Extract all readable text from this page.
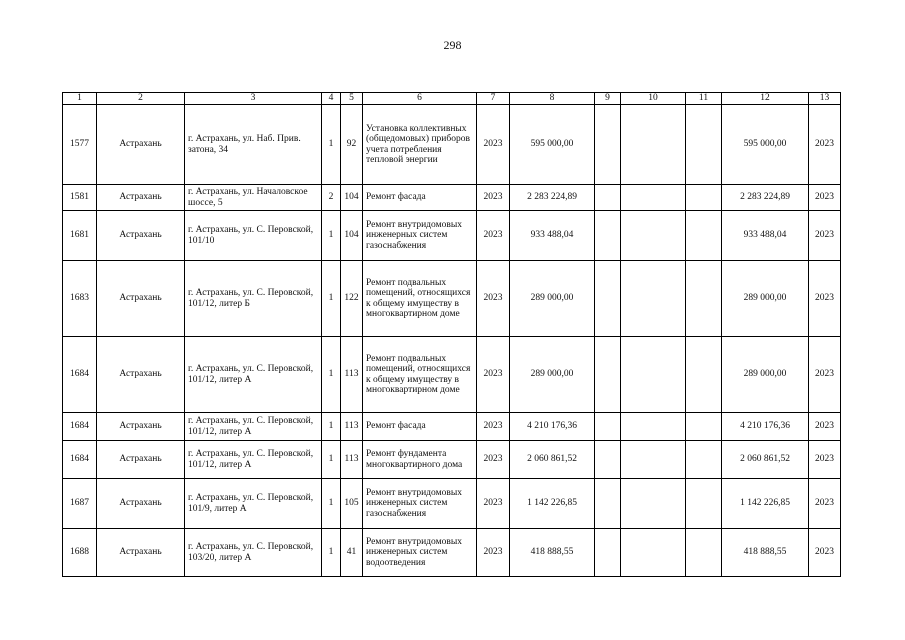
298
1	2	3	4	5	6	7	8	9	10	11	12	13
1577	Астрахань	г. Астрахань, ул. Наб. Прив. затона, 34	1	92	Установка коллективных (общедомовых) приборов учета потребления тепловой энергии	2023	595 000,00				595 000,00	2023
1581	Астрахань	г. Астрахань, ул. Началовское шоссе, 5	2	104	Ремонт фасада	2023	2 283 224,89				2 283 224,89	2023
1681	Астрахань	г. Астрахань, ул. С. Перовской, 101/10	1	104	Ремонт внутридомовых инженерных систем газоснабжения	2023	933 488,04				933 488,04	2023
1683	Астрахань	г. Астрахань, ул. С. Перовской, 101/12, литер Б	1	122	Ремонт подвальных помещений, относящихся к общему имуществу в многоквартирном доме	2023	289 000,00				289 000,00	2023
1684	Астрахань	г. Астрахань, ул. С. Перовской, 101/12, литер А	1	113	Ремонт подвальных помещений, относящихся к общему имуществу в многоквартирном доме	2023	289 000,00				289 000,00	2023
1684	Астрахань	г. Астрахань, ул. С. Перовской, 101/12, литер А	1	113	Ремонт фасада	2023	4 210 176,36				4 210 176,36	2023
1684	Астрахань	г. Астрахань, ул. С. Перовской, 101/12, литер А	1	113	Ремонт фундамента многоквартирного дома	2023	2 060 861,52				2 060 861,52	2023
1687	Астрахань	г. Астрахань, ул. С. Перовской, 101/9, литер А	1	105	Ремонт внутридомовых инженерных систем газоснабжения	2023	1 142 226,85				1 142 226,85	2023
1688	Астрахань	г. Астрахань, ул. С. Перовской, 103/20, литер А	1	41	Ремонт внутридомовых инженерных систем водоотведения	2023	418 888,55				418 888,55	2023
